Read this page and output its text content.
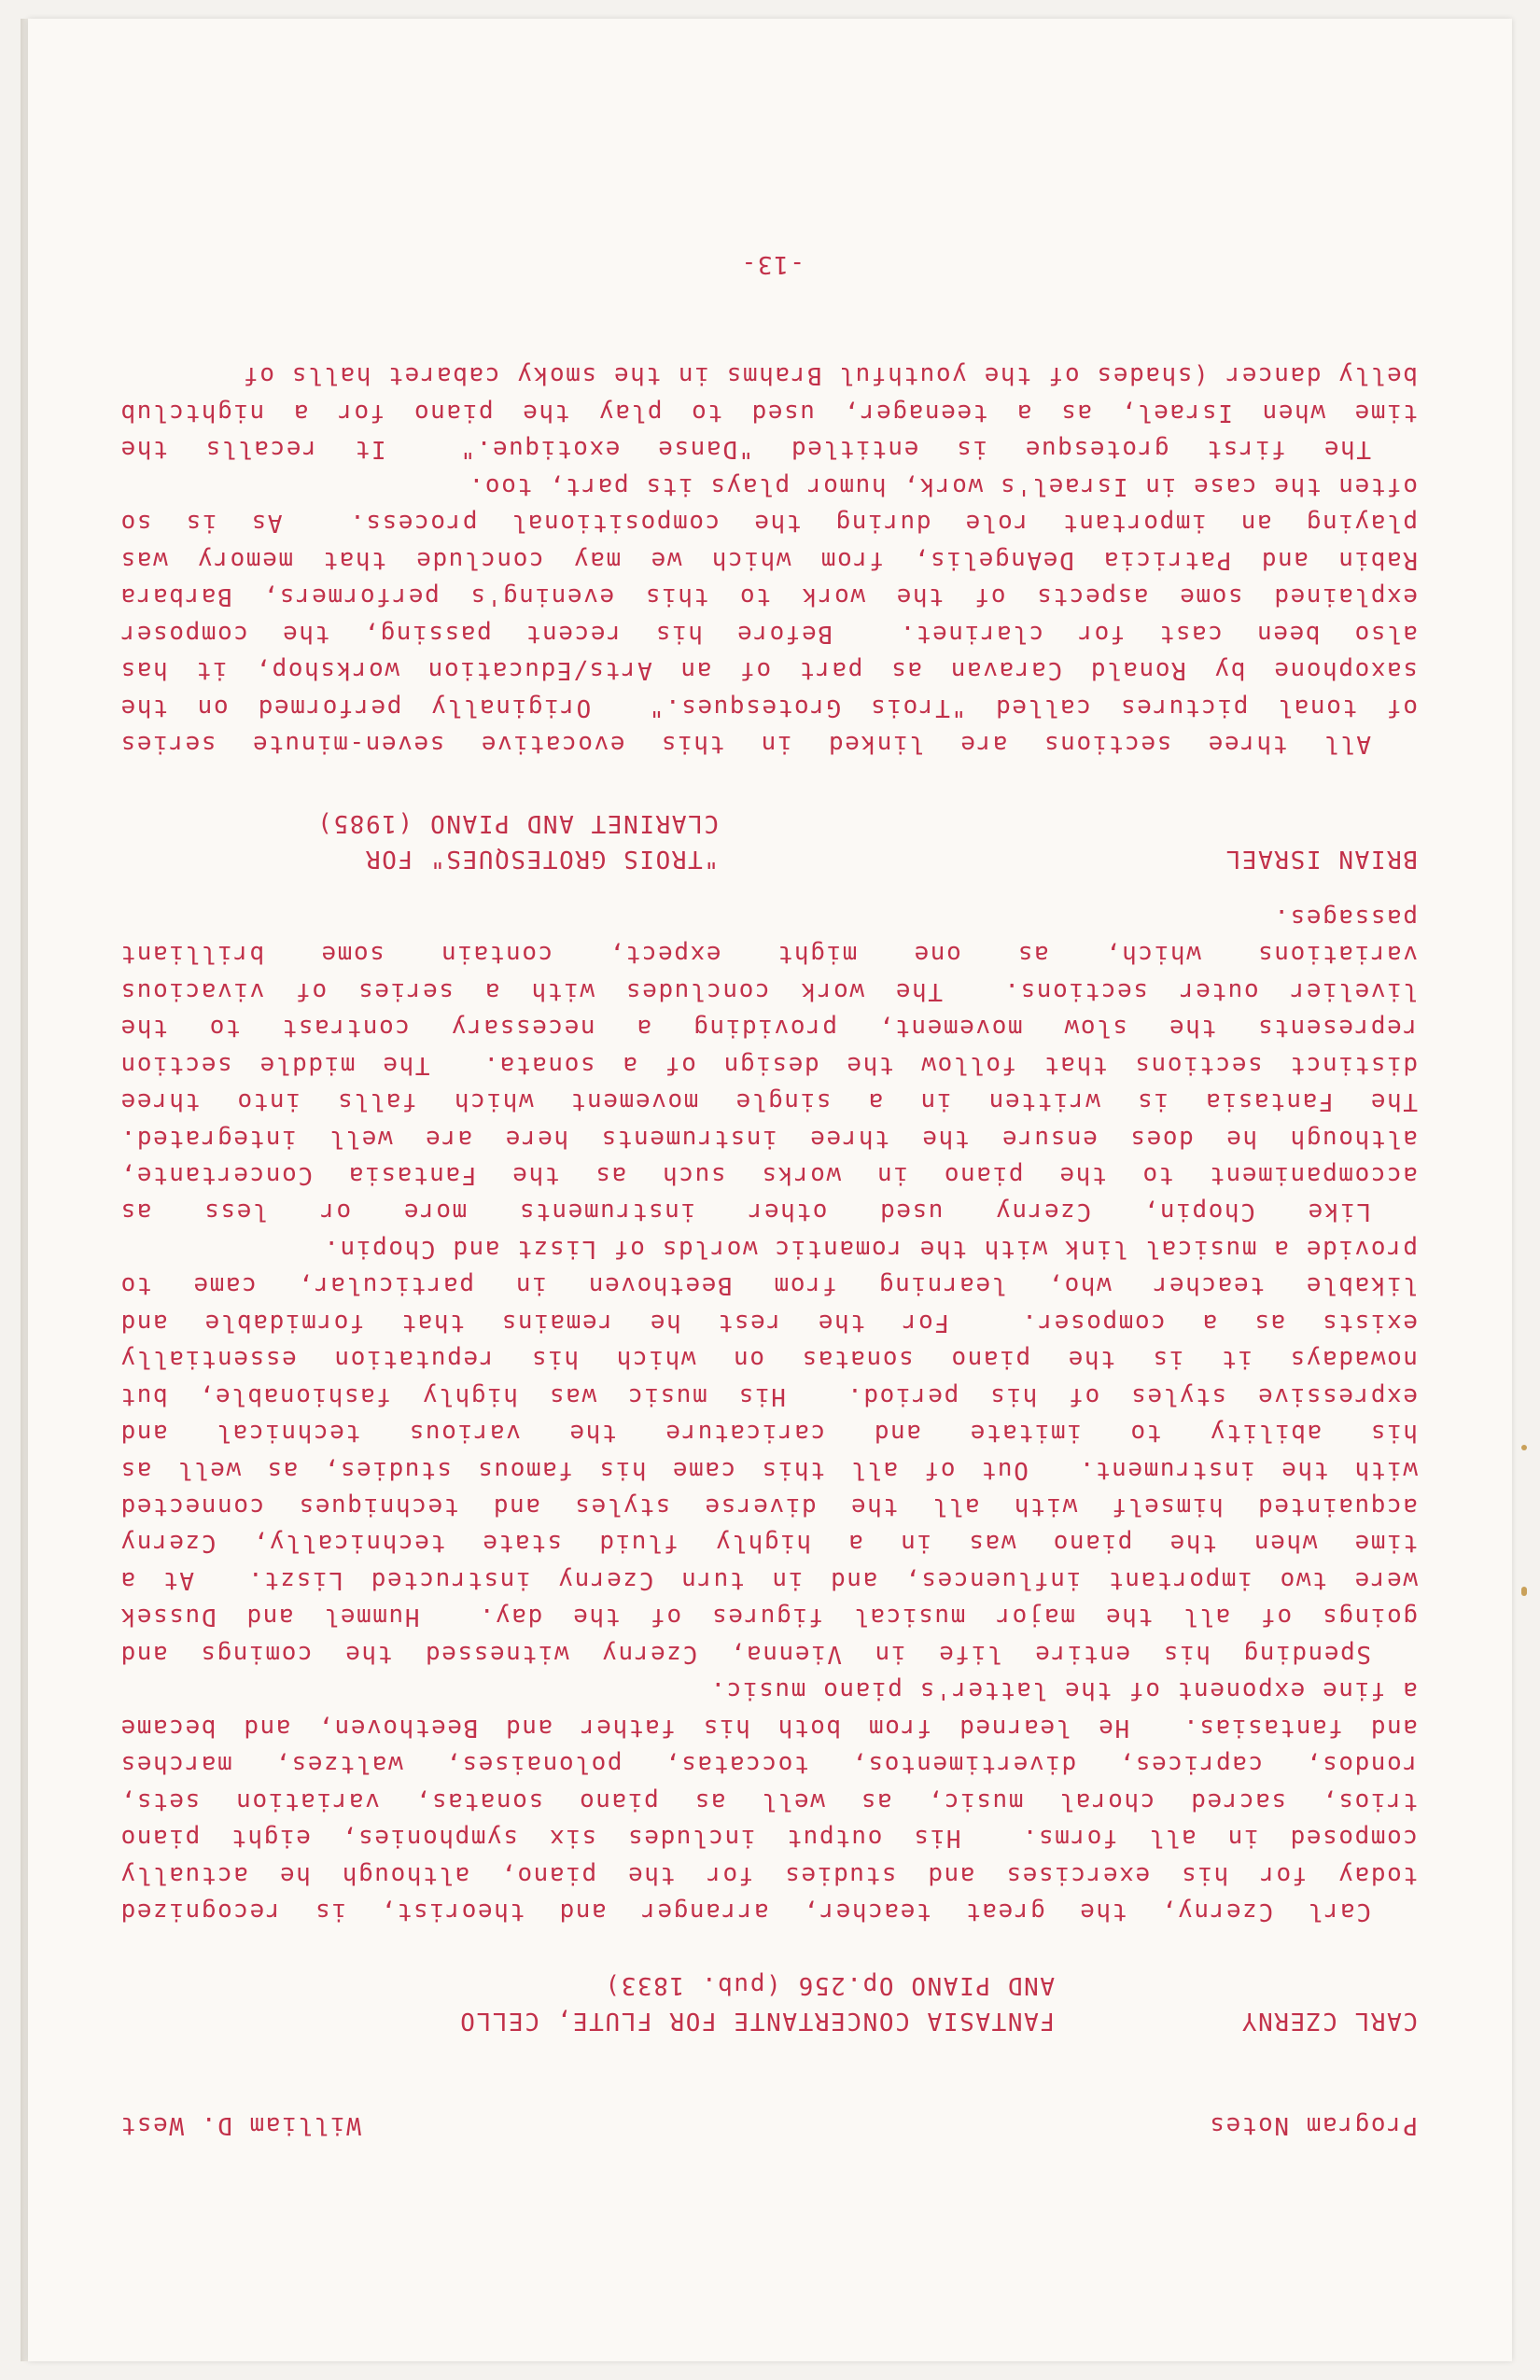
Program Notes
William D. West
CARL CZERNY
FANTASIA CONCERTANTE FOR FLUTE, CELLO
AND PIANO Op.256 (pub. 1833)
Carl Czerny, the great teacher, arranger and theorist, is recognized
today for his exercises and studies for the piano, although he actually
composed in all forms.  His output includes six symphonies, eight piano
trios, sacred choral music, as well as piano sonatas, variation sets,
rondos, caprices, divertimentos, toccatas, polonaises, waltzes, marches
and fantasias.  He learned from both his father and Beethoven, and became
a fine exponent of the latter's piano music.
Spending his entire life in Vienna, Czerny witnessed the comings and
goings of all the major musical figures of the day.  Hummel and Dussek
were two important influences, and in turn Czerny instructed Liszt.  At a
time when the piano was in a highly fluid state technically, Czerny
acquainted himself with all the diverse styles and techniques connected
with the instrument.  Out of all this came his famous studies, as well as
his ability to imitate and caricature the various technical and
expressive styles of his period.  His music was highly fashionable, but
nowadays it is the piano sonatas on which his reputation essentially
exists as a composer.  For the rest he remains that formidable and
likable teacher who, learning from Beethoven in particular, came to
provide a musical link with the romantic worlds of Liszt and Chopin.
Like Chopin, Czerny used other instruments more or less as
accompaniment to the piano in works such as the Fantasia Concertante,
although he does ensure the three instruments here are well integrated.
The Fantasia is written in a single movement which falls into three
distinct sections that follow the design of a sonata.  The middle section
represents the slow movement, providing a necessary contrast to the
livelier outer sections.  The work concludes with a series of vivacious
variations which, as one might expect, contain some brilliant
passages.
BRIAN ISRAEL
"TROIS GROTESQUES" FOR
CLARINET AND PIANO (1985)
All three sections are linked in this evocative seven-minute series
of tonal pictures called "Trois Grotesques."  Originally performed on the
saxophone by Ronald Caravan as part of an Arts/Education workshop, it has
also been cast for clarinet.  Before his recent passing, the composer
explained some aspects of the work to this evening's performers, Barbara
Rabin and Patricia DeAngelis, from which we may conclude that memory was
playing an important role during the compositional process.  As is so
often the case in Israel's work, humor plays its part, too.
The first grotesque is entitled "Danse exotique."  It recalls the
time when Israel, as a teenager, used to play the piano for a nightclub
belly dancer (shades of the youthful Brahms in the smoky cabaret halls of
-13-
